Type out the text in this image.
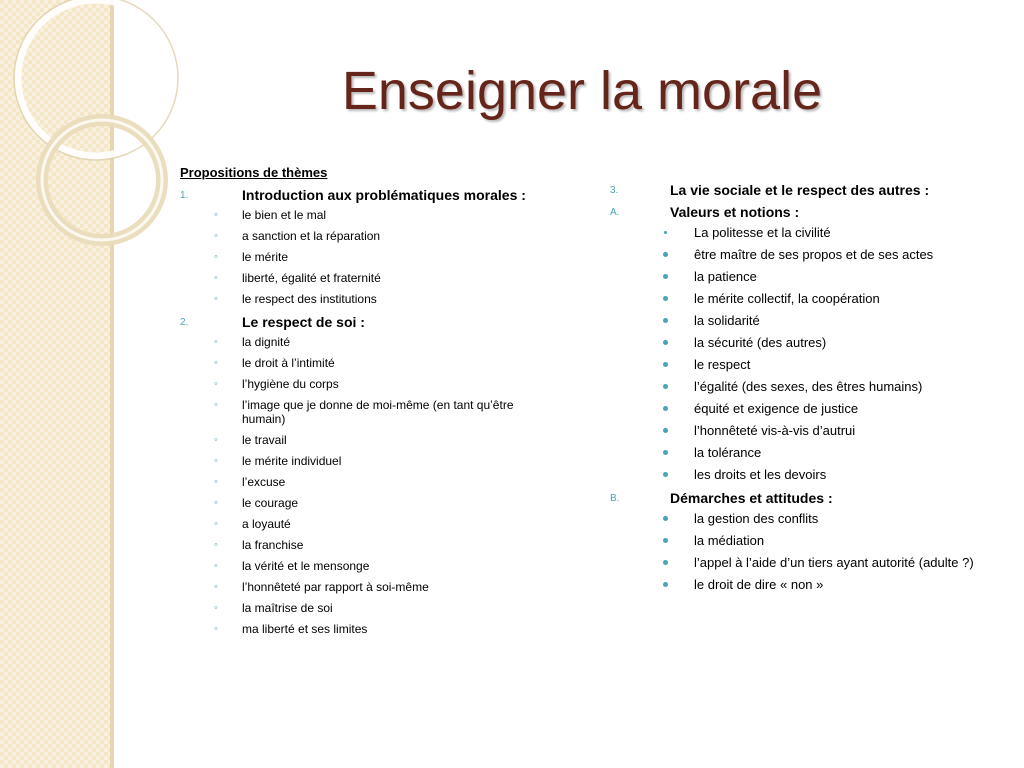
Enseigner la morale
Propositions de thèmes
1.	Introduction aux problématiques morales :
◦ le bien et le mal
◦ a sanction et la réparation
◦ le mérite
◦ liberté, égalité et fraternité
◦ le respect des institutions
2.	Le respect de soi :
◦ la dignité
◦ le droit à l’intimité
◦ l’hygiène du corps
◦ l’image que je donne de moi-même (en tant qu’être humain)
◦ le travail
◦ le mérite individuel
◦ l’excuse
◦ le courage
◦ a loyauté
◦ la franchise
◦ la vérité et le mensonge
◦ l’honnêteté par rapport à soi-même
◦ la maîtrise de soi
◦ ma liberté et ses limites
3.	La vie sociale et le respect des autres :
A.	Valeurs et notions :
La politesse et la civilité
être maître de ses propos et de ses actes
la patience
le mérite collectif, la coopération
la solidarité
la sécurité (des autres)
le respect
l’égalité (des sexes, des êtres humains)
équité et exigence de justice
l’honnêteté vis-à-vis d’autrui
la tolérance
les droits et les devoirs
B.	Démarches et attitudes :
la gestion des conflits
la médiation
l’appel à l’aide d’un tiers ayant autorité (adulte ?)
le droit de dire « non »
